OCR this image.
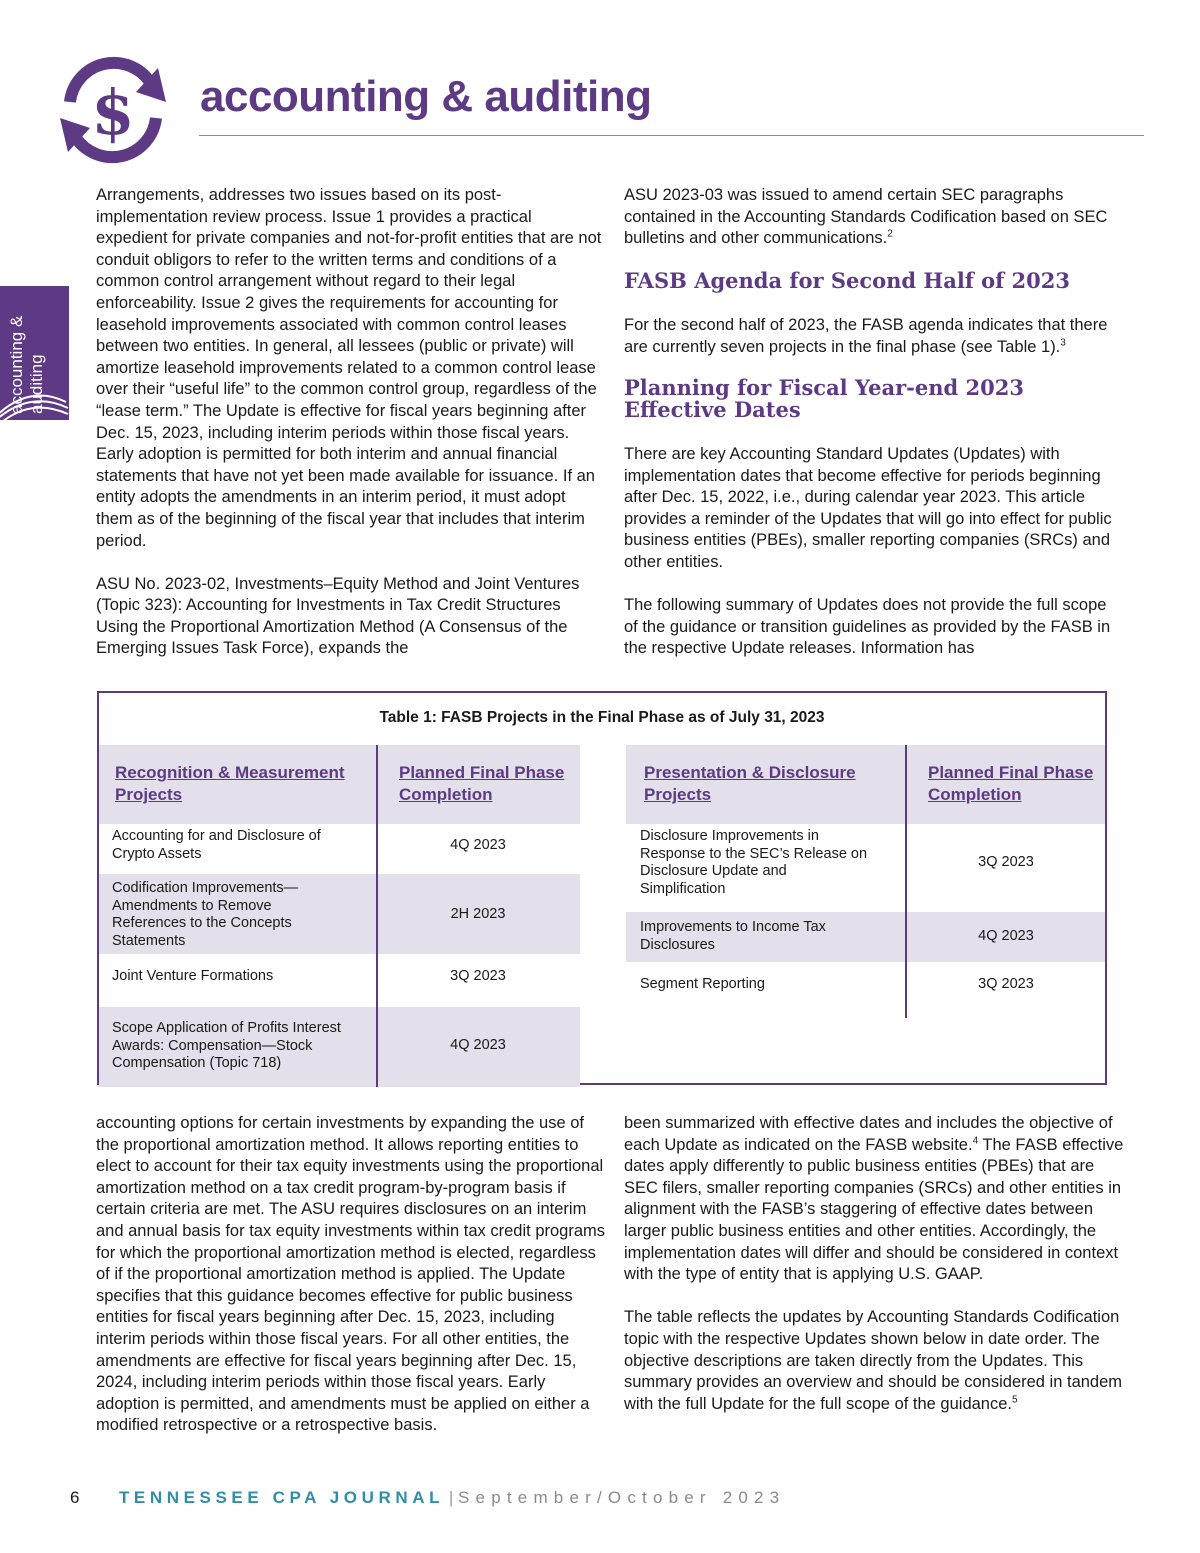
$ accounting & auditing
accounting & auditing

Arrangements, addresses two issues based on its post-implementation review process. Issue 1 provides a practical expedient for private companies and not-for-profit entities that are not conduit obligors to refer to the written terms and conditions of a common control arrangement without regard to their legal enforceability. Issue 2 gives the requirements for accounting for leasehold improvements associated with common control leases between two entities. In general, all lessees (public or private) will amortize leasehold improvements related to a common control lease over their “useful life” to the common control group, regardless of the “lease term.” The Update is effective for fiscal years beginning after Dec. 15, 2023, including interim periods within those fiscal years. Early adoption is permitted for both interim and annual financial statements that have not yet been made available for issuance. If an entity adopts the amendments in an interim period, it must adopt them as of the beginning of the fiscal year that includes that interim period.

ASU No. 2023-02, Investments–Equity Method and Joint Ventures (Topic 323): Accounting for Investments in Tax Credit Structures Using the Proportional Amortization Method (A Consensus of the Emerging Issues Task Force), expands the

ASU 2023-03 was issued to amend certain SEC paragraphs contained in the Accounting Standards Codification based on SEC bulletins and other communications.$^2$

FASB Agenda for Second Half of 2023

For the second half of 2023, the FASB agenda indicates that there are currently seven projects in the final phase (see Table 1).$^3$

Planning for Fiscal Year-end 2023
Effective Dates

There are key Accounting Standard Updates (Updates) with implementation dates that become effective for periods beginning after Dec. 15, 2022, i.e., during calendar year 2023. This article provides a reminder of the Updates that will go into effect for public business entities (PBEs), smaller reporting companies (SRCs) and other entities.

The following summary of Updates does not provide the full scope of the guidance or transition guidelines as provided by the FASB in the respective Update releases. Information has

Table 1: FASB Projects in the Final Phase as of July 31, 2023
Recognition & Measurement Projects
Planned Final Phase Completion
Presentation & Disclosure Projects
Planned Final Phase Completion
Accounting for and Disclosure of Crypto Assets
4Q 2023
Codification Improvements—Amendments to Remove References to the Concepts Statements
2H 2023
Joint Venture Formations	3Q 2023
Scope Application of Profits Interest Awards: Compensation—Stock Compensation (Topic 718)
4Q 2023
Disclosure Improvements in Response to the SEC’s Release on Disclosure Update and Simplification
3Q 2023
Improvements to Income Tax Disclosures
4Q 2023
Segment Reporting	3Q 2023

accounting options for certain investments by expanding the use of the proportional amortization method. It allows reporting entities to elect to account for their tax equity investments using the proportional amortization method on a tax credit program-by-program basis if certain criteria are met. The ASU requires disclosures on an interim and annual basis for tax equity investments within tax credit programs for which the proportional amortization method is elected, regardless of if the proportional amortization method is applied. The Update specifies that this guidance becomes effective for public business entities for fiscal years beginning after Dec. 15, 2023, including interim periods within those fiscal years. For all other entities, the amendments are effective for fiscal years beginning after Dec. 15, 2024, including interim periods within those fiscal years. Early adoption is permitted, and amendments must be applied on either a modified retrospective or a retrospective basis.

been summarized with effective dates and includes the objective of each Update as indicated on the FASB website.$^4$ The FASB effective dates apply differently to public business entities (PBEs) that are SEC filers, smaller reporting companies (SRCs) and other entities in alignment with the FASB’s staggering of effective dates between larger public business entities and other entities. Accordingly, the implementation dates will differ and should be considered in context with the type of entity that is applying U.S. GAAP.

The table reflects the updates by Accounting Standards Codification topic with the respective Updates shown below in date order. The objective descriptions are taken directly from the Updates. This summary provides an overview and should be considered in tandem with the full Update for the full scope of the guidance.$^5$

6 TENNESSEE CPA JOURNAL | September/October 2023
